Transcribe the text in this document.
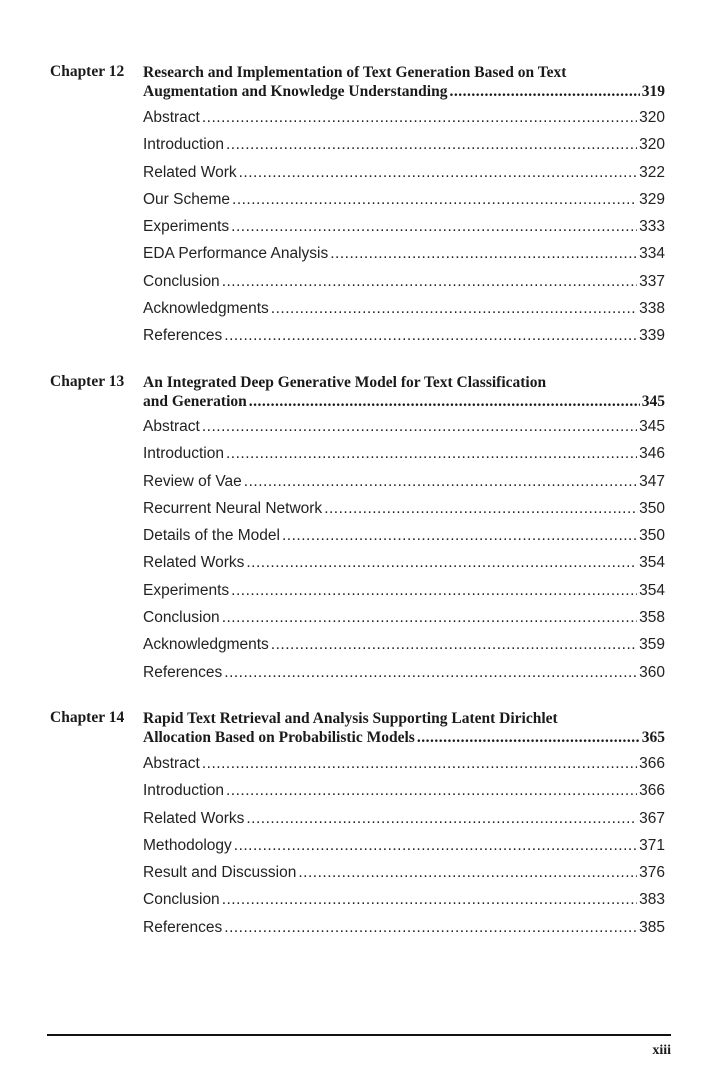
Chapter 12 Research and Implementation of Text Generation Based on Text
Augmentation and Knowledge Understanding .....	319
Abstract .....	320
Introduction .....	320
Related Work .....	322
Our Scheme .....	329
Experiments .....	333
EDA Performance Analysis .....	334
Conclusion .....	337
Acknowledgments .....	338
References .....	339
Chapter 13 An Integrated Deep Generative Model for Text Classification
and Generation .....	345
Abstract .....	345
Introduction .....	346
Review of Vae .....	347
Recurrent Neural Network .....	350
Details of the Model .....	350
Related Works .....	354
Experiments .....	354
Conclusion .....	358
Acknowledgments .....	359
References .....	360
Chapter 14 Rapid Text Retrieval and Analysis Supporting Latent Dirichlet
Allocation Based on Probabilistic Models .....	365
Abstract .....	366
Introduction .....	366
Related Works .....	367
Methodology .....	371
Result and Discussion .....	376
Conclusion .....	383
References .....	385
xiii
